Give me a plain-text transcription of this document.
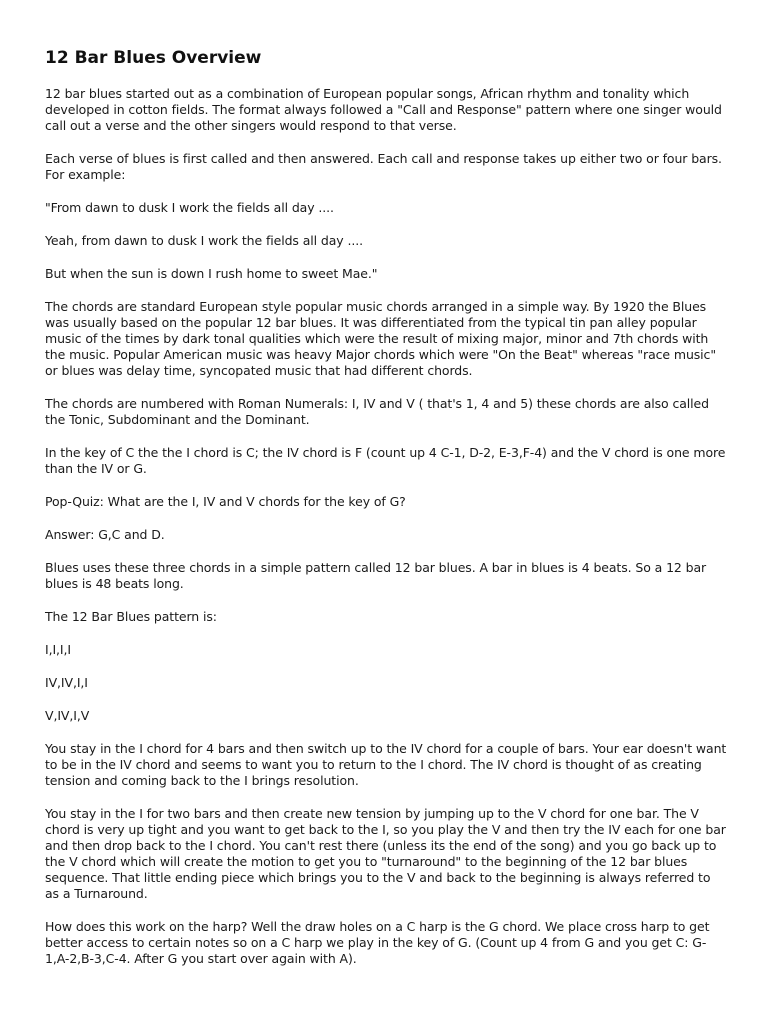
12 Bar Blues Overview

12 bar blues started out as a combination of European popular songs, African rhythm and tonality which developed in cotton fields. The format always followed a "Call and Response" pattern where one singer would call out a verse and the other singers would respond to that verse.

Each verse of blues is first called and then answered. Each call and response takes up either two or four bars. For example:

"From dawn to dusk I work the fields all day ....

Yeah, from dawn to dusk I work the fields all day ....

But when the sun is down I rush home to sweet Mae."

The chords are standard European style popular music chords arranged in a simple way. By 1920 the Blues was usually based on the popular 12 bar blues. It was differentiated from the typical tin pan alley popular music of the times by dark tonal qualities which were the result of mixing major, minor and 7th chords with the music. Popular American music was heavy Major chords which were "On the Beat" whereas "race music" or blues was delay time, syncopated music that had different chords.

The chords are numbered with Roman Numerals: I, IV and V ( that's 1, 4 and 5) these chords are also called the Tonic, Subdominant and the Dominant.

In the key of C the the I chord is C; the IV chord is F (count up 4 C-1, D-2, E-3,F-4) and the V chord is one more than the IV or G.

Pop-Quiz: What are the I, IV and V chords for the key of G?

Answer: G,C and D.

Blues uses these three chords in a simple pattern called 12 bar blues. A bar in blues is 4 beats. So a 12 bar blues is 48 beats long.

The 12 Bar Blues pattern is:

I,I,I,I

IV,IV,I,I

V,IV,I,V

You stay in the I chord for 4 bars and then switch up to the IV chord for a couple of bars. Your ear doesn't want to be in the IV chord and seems to want you to return to the I chord. The IV chord is thought of as creating tension and coming back to the I brings resolution.

You stay in the I for two bars and then create new tension by jumping up to the V chord for one bar. The V chord is very up tight and you want to get back to the I, so you play the V and then try the IV each for one bar and then drop back to the I chord. You can't rest there (unless its the end of the song) and you go back up to the V chord which will create the motion to get you to "turnaround" to the beginning of the 12 bar blues sequence. That little ending piece which brings you to the V and back to the beginning is always referred to as a Turnaround.

How does this work on the harp? Well the draw holes on a C harp is the G chord. We place cross harp to get better access to certain notes so on a C harp we play in the key of G. (Count up 4 from G and you get C: G-1,A-2,B-3,C-4. After G you start over again with A).
